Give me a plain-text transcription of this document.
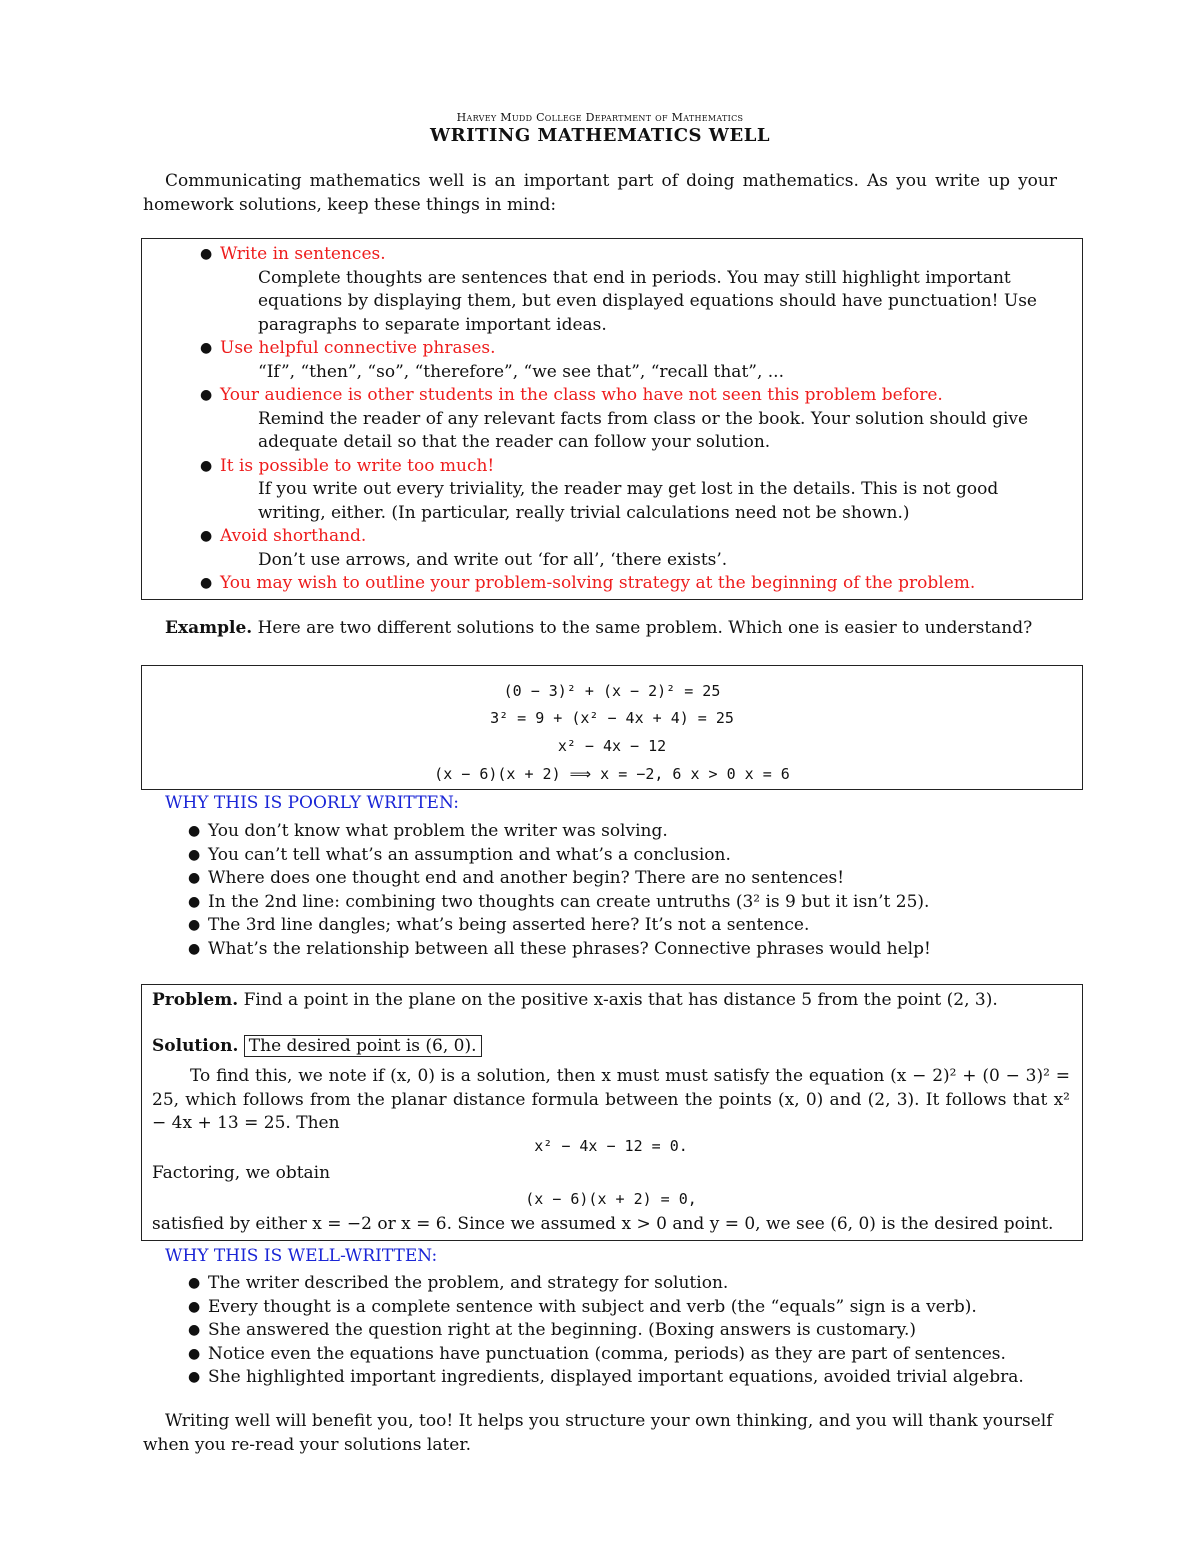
Harvey Mudd College Department of Mathematics
WRITING MATHEMATICS WELL
Communicating mathematics well is an important part of doing mathematics. As you write up your homework solutions, keep these things in mind:
● Write in sentences.
Complete thoughts are sentences that end in periods. You may still highlight important equations by displaying them, but even displayed equations should have punctuation! Use paragraphs to separate important ideas.
● Use helpful connective phrases.
“If”, “then”, “so”, “therefore”, “we see that”, “recall that”, ...
● Your audience is other students in the class who have not seen this problem before.
Remind the reader of any relevant facts from class or the book. Your solution should give adequate detail so that the reader can follow your solution.
● It is possible to write too much!
If you write out every triviality, the reader may get lost in the details. This is not good writing, either. (In particular, really trivial calculations need not be shown.)
● Avoid shorthand.
Don’t use arrows, and write out ‘for all’, ‘there exists’.
● You may wish to outline your problem-solving strategy at the beginning of the problem.
Example. Here are two different solutions to the same problem. Which one is easier to understand?
(0 − 3)² + (x − 2)² = 25
3² = 9 + (x² − 4x + 4) = 25
x² − 4x − 12
(x − 6)(x + 2) ⟹ x = −2, 6 x > 0 x = 6
WHY THIS IS POORLY WRITTEN:
● You don’t know what problem the writer was solving.
● You can’t tell what’s an assumption and what’s a conclusion.
● Where does one thought end and another begin? There are no sentences!
● In the 2nd line: combining two thoughts can create untruths (3² is 9 but it isn’t 25).
● The 3rd line dangles; what’s being asserted here? It’s not a sentence.
● What’s the relationship between all these phrases? Connective phrases would help!
Problem. Find a point in the plane on the positive x-axis that has distance 5 from the point (2, 3).
Solution. The desired point is (6, 0).
To find this, we note if (x, 0) is a solution, then x must must satisfy the equation (x − 2)² + (0 − 3)² = 25, which follows from the planar distance formula between the points (x, 0) and (2, 3). It follows that x² − 4x + 13 = 25. Then
x² − 4x − 12 = 0.
Factoring, we obtain
(x − 6)(x + 2) = 0,
satisfied by either x = −2 or x = 6. Since we assumed x > 0 and y = 0, we see (6, 0) is the desired point.
WHY THIS IS WELL-WRITTEN:
● The writer described the problem, and strategy for solution.
● Every thought is a complete sentence with subject and verb (the “equals” sign is a verb).
● She answered the question right at the beginning. (Boxing answers is customary.)
● Notice even the equations have punctuation (comma, periods) as they are part of sentences.
● She highlighted important ingredients, displayed important equations, avoided trivial algebra.
Writing well will benefit you, too! It helps you structure your own thinking, and you will thank yourself when you re-read your solutions later.
